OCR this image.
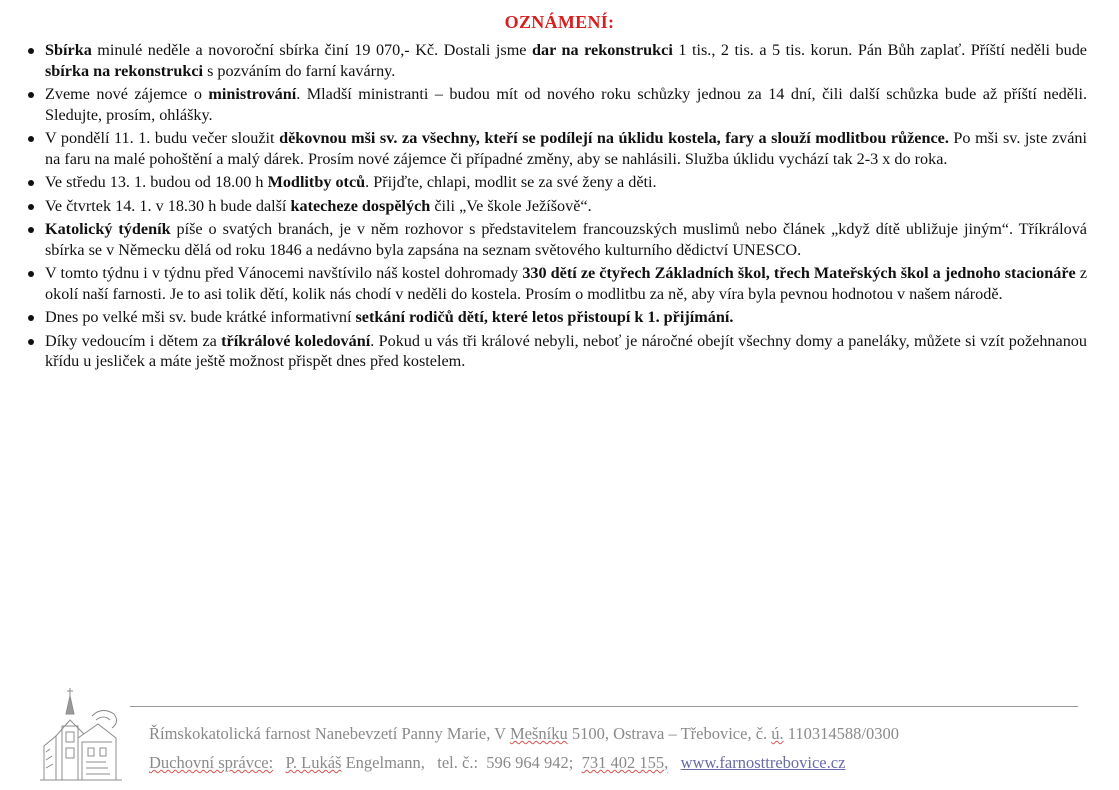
OZNÁMENÍ:
Sbírka minulé neděle a novoroční sbírka činí 19 070,- Kč. Dostali jsme dar na rekonstrukci 1 tis., 2 tis. a 5 tis. korun. Pán Bůh zaplať. Příští neděli bude sbírka na rekonstrukci s pozváním do farní kavárny.
Zveme nové zájemce o ministrování. Mladší ministranti – budou mít od nového roku schůzky jednou za 14 dní, čili další schůzka bude až příští neděli. Sledujte, prosím, ohlášky.
V pondělí 11. 1. budu večer sloužit děkovnou mši sv. za všechny, kteří se podílejí na úklidu kostela, fary a slouží modlitbou růžence. Po mši sv. jste zváni na faru na malé pohoštění a malý dárek. Prosím nové zájemce či případné změny, aby se nahlásili. Služba úklidu vychází tak 2-3 x do roka.
Ve středu 13. 1. budou od 18.00 h Modlitby otců. Přijďte, chlapi, modlit se za své ženy a děti.
Ve čtvrtek 14. 1. v 18.30 h bude další katecheze dospělých čili „Ve škole Ježíšově“.
Katolický týdeník píše o svatých branách, je v něm rozhovor s představitelem francouzských muslimů nebo článek „když dítě ubližuje jiným“. Tříkrálová sbírka se v Německu dělá od roku 1846 a nedávno byla zapsána na seznam světového kulturního dědictví UNESCO.
V tomto týdnu i v týdnu před Vánocemi navštívilo náš kostel dohromady 330 dětí ze čtyřech Základních škol, třech Mateřských škol a jednoho stacionáře z okolí naší farnosti. Je to asi tolik dětí, kolik nás chodí v neděli do kostela. Prosím o modlitbu za ně, aby víra byla pevnou hodnotou v našem národě.
Dnes po velké mši sv. bude krátké informativní setkání rodičů dětí, které letos přistoupí k 1. přijímání.
Díky vedoucím i dětem za tříkrálové koledování. Pokud u vás tři králové nebyli, neboť je náročné obejít všechny domy a paneláky, můžete si vzít požehnanou křídu u jesliček a máte ještě možnost přispět dnes před kostelem.
Římskokatolická farnost Nanebevzetí Panny Marie, V Mešníku 5100, Ostrava – Třebovice, č. ú. 110314588/0300
Duchovní správce: P. Lukáš Engelmann, tel. č.: 596 964 942; 731 402 155, www.farnosttrebovice.cz
